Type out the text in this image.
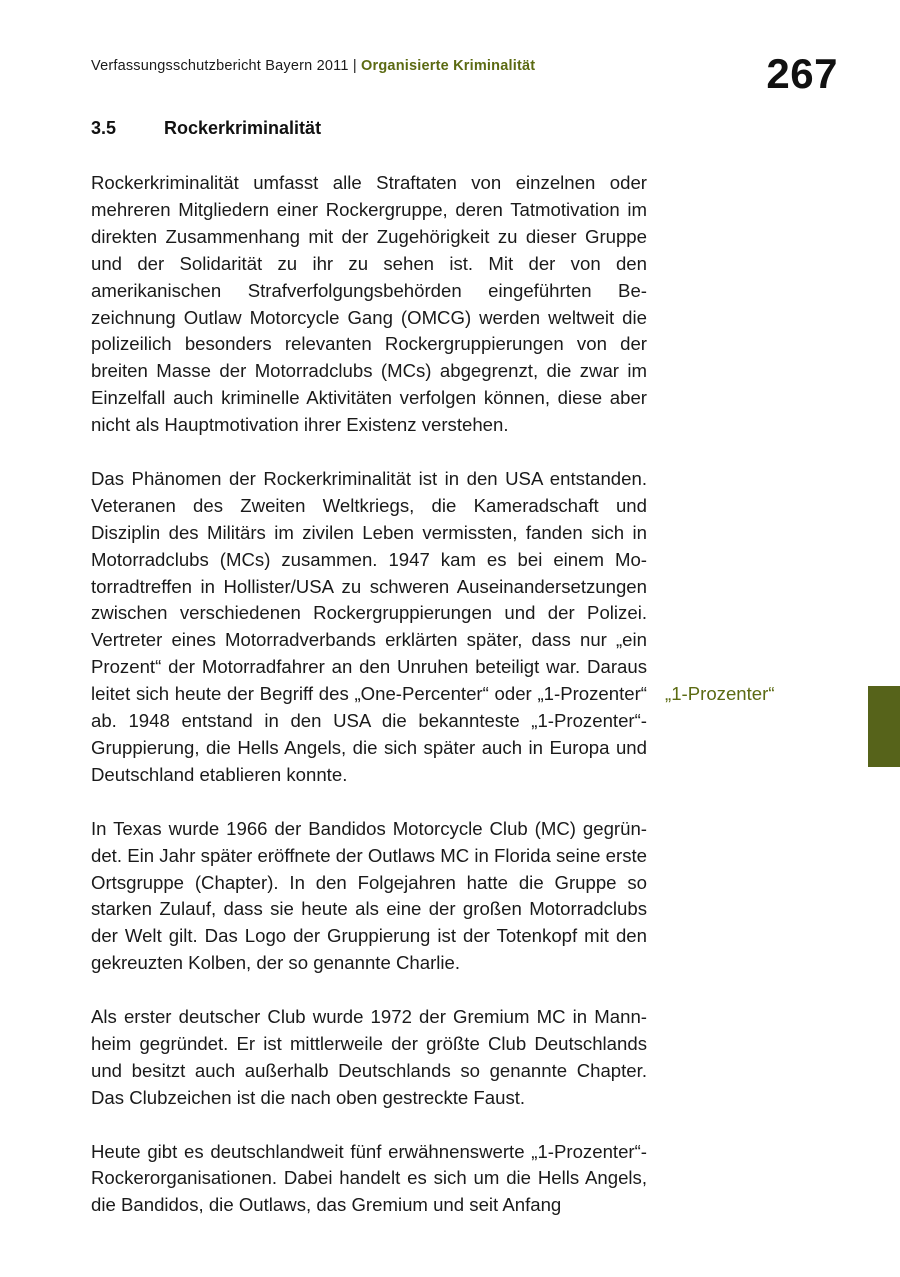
Verfassungsschutzbericht Bayern 2011 | Organisierte Kriminalität	267
3.5	Rockerkriminalität

Rockerkriminalität umfasst alle Straftaten von einzelnen oder mehreren Mitgliedern einer Rockergruppe, deren Tatmotivation im direkten Zusammenhang mit der Zugehörigkeit zu dieser Gruppe und der Solidarität zu ihr zu sehen ist. Mit der von den amerikanischen Strafverfolgungsbehörden eingeführten Bezeichnung Outlaw Motorcycle Gang (OMCG) werden weltweit die polizeilich besonders relevanten Rockergruppierungen von der breiten Masse der Motorradclubs (MCs) abgegrenzt, die zwar im Einzelfall auch kriminelle Aktivitäten verfolgen können, diese aber nicht als Hauptmotivation ihrer Existenz verstehen.

Das Phänomen der Rockerkriminalität ist in den USA entstanden. Veteranen des Zweiten Weltkriegs, die Kameradschaft und Disziplin des Militärs im zivilen Leben vermissten, fanden sich in Motorradclubs (MCs) zusammen. 1947 kam es bei einem Motorradtreffen in Hollister/USA zu schweren Auseinandersetzungen zwischen verschiedenen Rockergruppierungen und der Polizei. Vertreter eines Motorradverbands erklärten später, dass nur „ein Prozent“ der Motorradfahrer an den Unruhen beteiligt war. Daraus leitet sich heute der Begriff des „One-Percenter“ oder „1-Prozenter“ ab. 1948 entstand in den USA die bekannteste „1-Prozenter“-Gruppierung, die Hells Angels, die sich später auch in Europa und Deutschland etablieren konnte.

In Texas wurde 1966 der Bandidos Motorcycle Club (MC) gegründet. Ein Jahr später eröffnete der Outlaws MC in Florida seine erste Ortsgruppe (Chapter). In den Folgejahren hatte die Gruppe so starken Zulauf, dass sie heute als eine der großen Motorradclubs der Welt gilt. Das Logo der Gruppierung ist der Totenkopf mit den gekreuzten Kolben, der so genannte Charlie.

Als erster deutscher Club wurde 1972 der Gremium MC in Mannheim gegründet. Er ist mittlerweile der größte Club Deutschlands und besitzt auch außerhalb Deutschlands so genannte Chapter. Das Clubzeichen ist die nach oben gestreckte Faust.

Heute gibt es deutschlandweit fünf erwähnenswerte „1-Prozenter“-Rockerorganisationen. Dabei handelt es sich um die Hells Angels, die Bandidos, die Outlaws, das Gremium und seit Anfang

„1-Prozenter“
